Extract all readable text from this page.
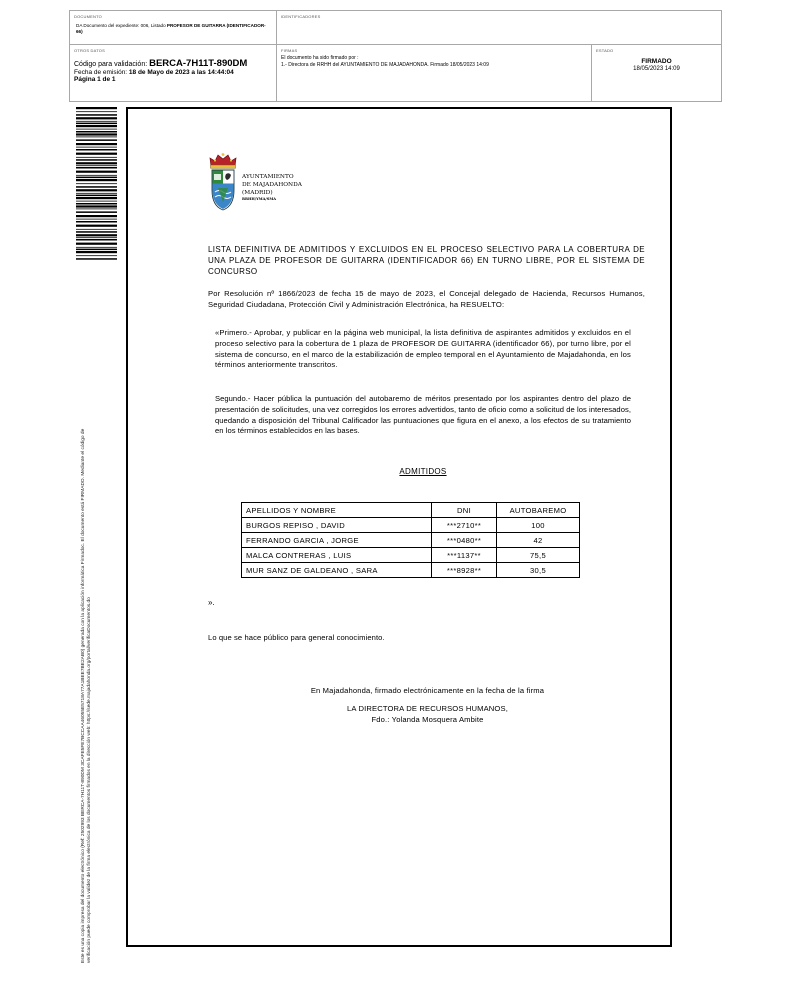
DOCUMENTO
DA Documento del expediente: 006, Listado PROFESOR DE GUITARRA (IDENTIFICADOR-66)
IDENTIFICADORES
OTROS DATOS
Código para validación: BERCA-7H11T-890DM
Fecha de emisión: 18 de Mayo de 2023 a las 14:44:04
Página 1 de 1
FIRMAS
El documento ha sido firmado por :
1.- Directora de RRHH del AYUNTAMIENTO DE MAJADAHONDA. Firmado 18/05/2023 14:09
ESTADO
FIRMADO
18/05/2023 14:09
Este es una copia impresa del documento electrónico (Ref: 2502993 BERCA-7H11T-890DM 3CAFE5FE7BCCAA46055E5718A77A1BEE7BE2AB0) generada con la aplicación informática Firmadoc. El documento está FIRMADO. Mediante el código de verificación puede comprobar la validez de la firma electrónica de los documentos firmados en la dirección web: https://sede.majadahonda.org/portal/verificaDocumentos.do
AYUNTAMIENTO
DE MAJADAHONDA
(MADRID)
RRHH/YMA/SMA
LISTA DEFINITIVA DE ADMITIDOS Y EXCLUIDOS EN EL PROCESO SELECTIVO PARA LA COBERTURA DE UNA PLAZA DE PROFESOR DE GUITARRA (IDENTIFICADOR 66) EN TURNO LIBRE, POR EL SISTEMA DE CONCURSO
Por Resolución nº 1866/2023 de fecha 15 de mayo de 2023, el Concejal delegado de Hacienda, Recursos Humanos, Seguridad Ciudadana, Protección Civil y Administración Electrónica, ha RESUELTO:
«Primero.- Aprobar, y publicar en la página web municipal, la lista definitiva de aspirantes admitidos y excluidos en el proceso selectivo para la cobertura de 1 plaza de PROFESOR DE GUITARRA (identificador 66), por turno libre, por el sistema de concurso, en el marco de la estabilización de empleo temporal en el Ayuntamiento de Majadahonda, en los términos anteriormente transcritos.
Segundo.- Hacer pública la puntuación del autobaremo de méritos presentado por los aspirantes dentro del plazo de presentación de solicitudes, una vez corregidos los errores advertidos, tanto de oficio como a solicitud de los interesados, quedando a disposición del Tribunal Calificador las puntuaciones que figura en el anexo, a los efectos de su tratamiento en los términos establecidos en las bases.
ADMITIDOS
APELLIDOS Y NOMBRE	DNI	AUTOBAREMO
BURGOS REPISO , DAVID	***2710**	100
FERRANDO GARCIA , JORGE	***0480**	42
MALCA CONTRERAS , LUIS	***1137**	75,5
MUR SANZ DE GALDEANO , SARA	***8928**	30,5
».
Lo que se hace público para general conocimiento.
En Majadahonda, firmado electrónicamente en la fecha de la firma
LA DIRECTORA DE RECURSOS HUMANOS,
Fdo.: Yolanda Mosquera Ambite
